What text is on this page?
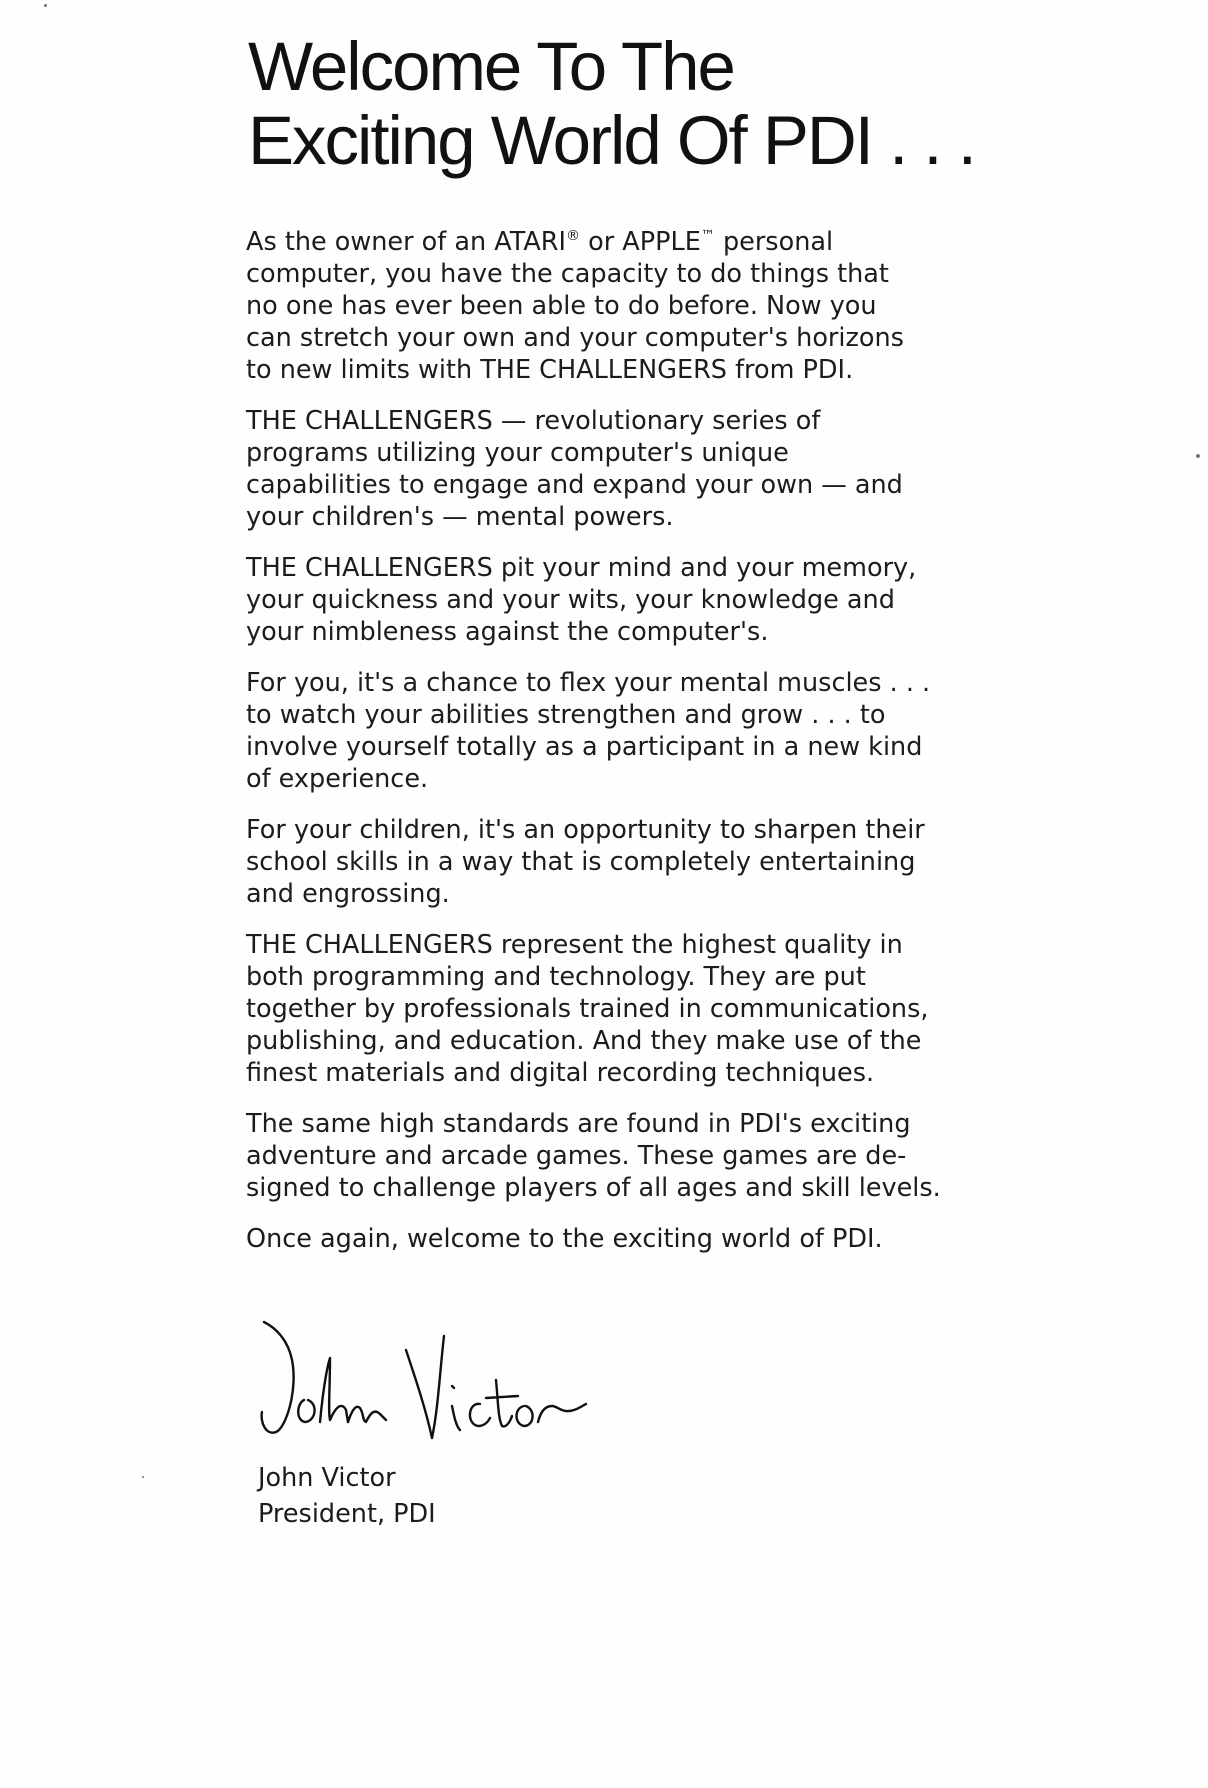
Welcome To The
Exciting World Of PDI . . .

As the owner of an ATARI® or APPLE™ personal
computer, you have the capacity to do things that
no one has ever been able to do before. Now you
can stretch your own and your computer's horizons
to new limits with THE CHALLENGERS from PDI.

THE CHALLENGERS — revolutionary series of
programs utilizing your computer's unique
capabilities to engage and expand your own — and
your children's — mental powers.

THE CHALLENGERS pit your mind and your memory,
your quickness and your wits, your knowledge and
your nimbleness against the computer's.

For you, it's a chance to flex your mental muscles . . .
to watch your abilities strengthen and grow . . . to
involve yourself totally as a participant in a new kind
of experience.

For your children, it's an opportunity to sharpen their
school skills in a way that is completely entertaining
and engrossing.

THE CHALLENGERS represent the highest quality in
both programming and technology. They are put
together by professionals trained in communications,
publishing, and education. And they make use of the
finest materials and digital recording techniques.

The same high standards are found in PDI's exciting
adventure and arcade games. These games are de-
signed to challenge players of all ages and skill levels.

Once again, welcome to the exciting world of PDI.

John Victor
President, PDI
